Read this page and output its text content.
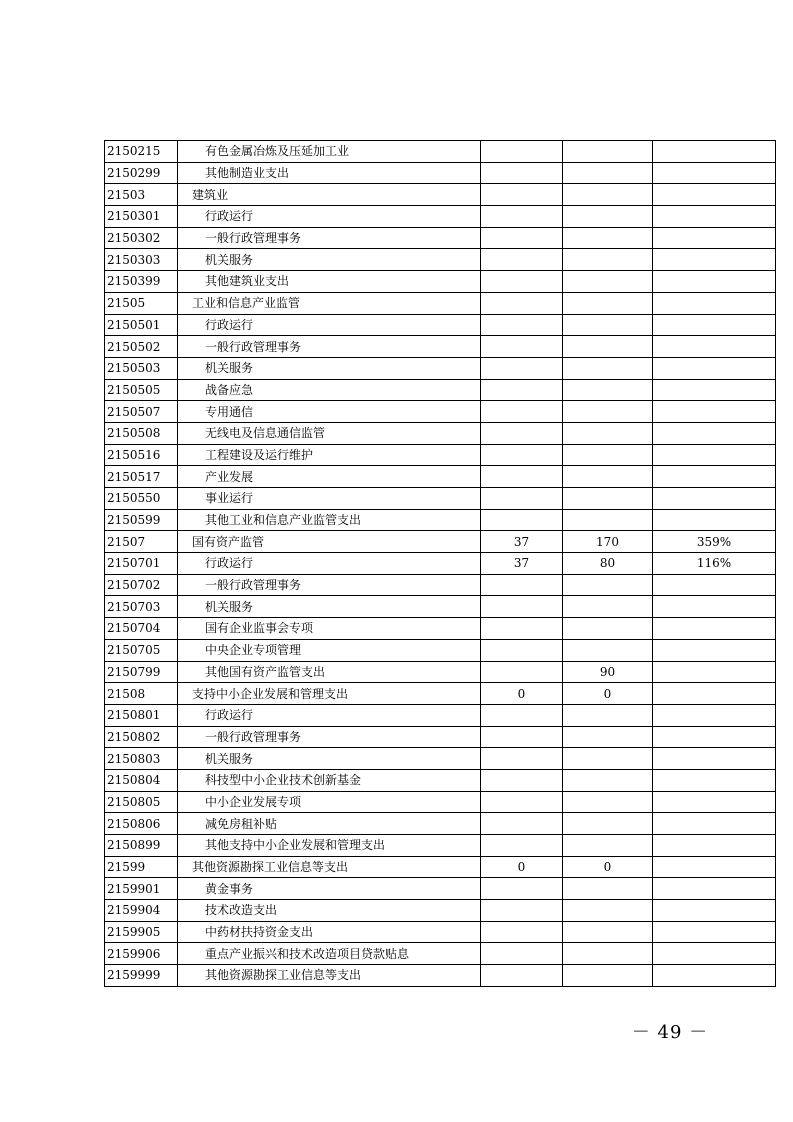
2150215	有色金属冶炼及压延加工业			
2150299	其他制造业支出			
21503	建筑业			
2150301	行政运行			
2150302	一般行政管理事务			
2150303	机关服务			
2150399	其他建筑业支出			
21505	工业和信息产业监管			
2150501	行政运行			
2150502	一般行政管理事务			
2150503	机关服务			
2150505	战备应急			
2150507	专用通信			
2150508	无线电及信息通信监管			
2150516	工程建设及运行维护			
2150517	产业发展			
2150550	事业运行			
2150599	其他工业和信息产业监管支出			
21507	国有资产监管	37	170	359%
2150701	行政运行	37	80	116%
2150702	一般行政管理事务			
2150703	机关服务			
2150704	国有企业监事会专项			
2150705	中央企业专项管理			
2150799	其他国有资产监管支出		90	
21508	支持中小企业发展和管理支出	0	0	
2150801	行政运行			
2150802	一般行政管理事务			
2150803	机关服务			
2150804	科技型中小企业技术创新基金			
2150805	中小企业发展专项			
2150806	减免房租补贴			
2150899	其他支持中小企业发展和管理支出			
21599	其他资源勘探工业信息等支出	0	0	
2159901	黄金事务			
2159904	技术改造支出			
2159905	中药材扶持资金支出			
2159906	重点产业振兴和技术改造项目贷款贴息			
2159999	其他资源勘探工业信息等支出			
－ 49 －
